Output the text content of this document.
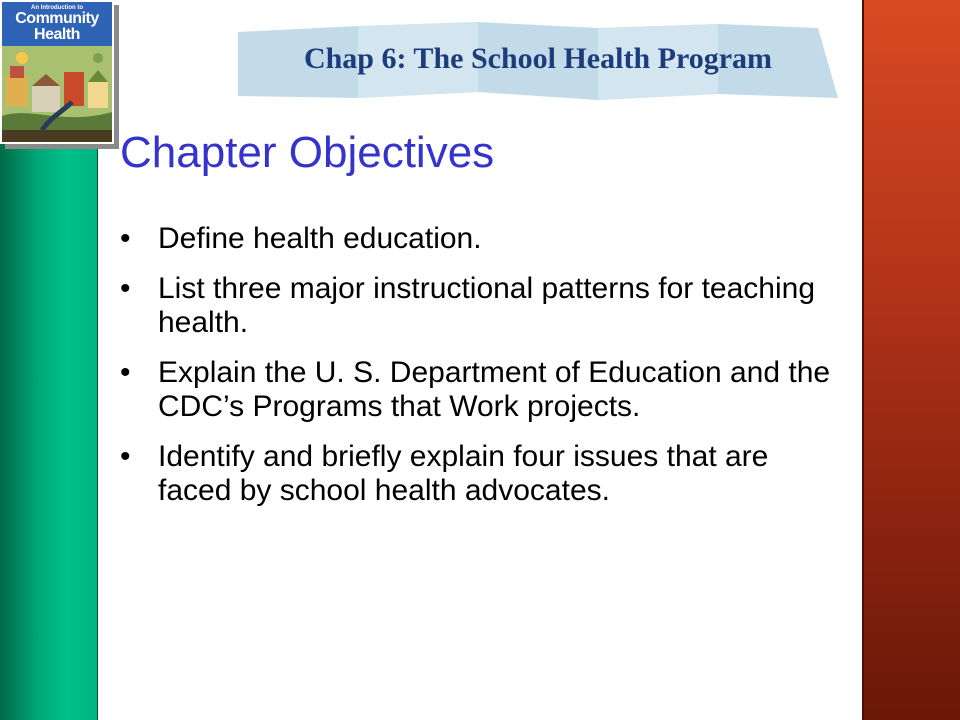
An Introduction to
Community
Health
Chap 6: The School Health Program
Chapter Objectives
• Define health education.
• List three major instructional patterns for teaching health.
• Explain the U. S. Department of Education and the CDC’s Programs that Work projects.
• Identify and briefly explain four issues that are faced by school health advocates.
